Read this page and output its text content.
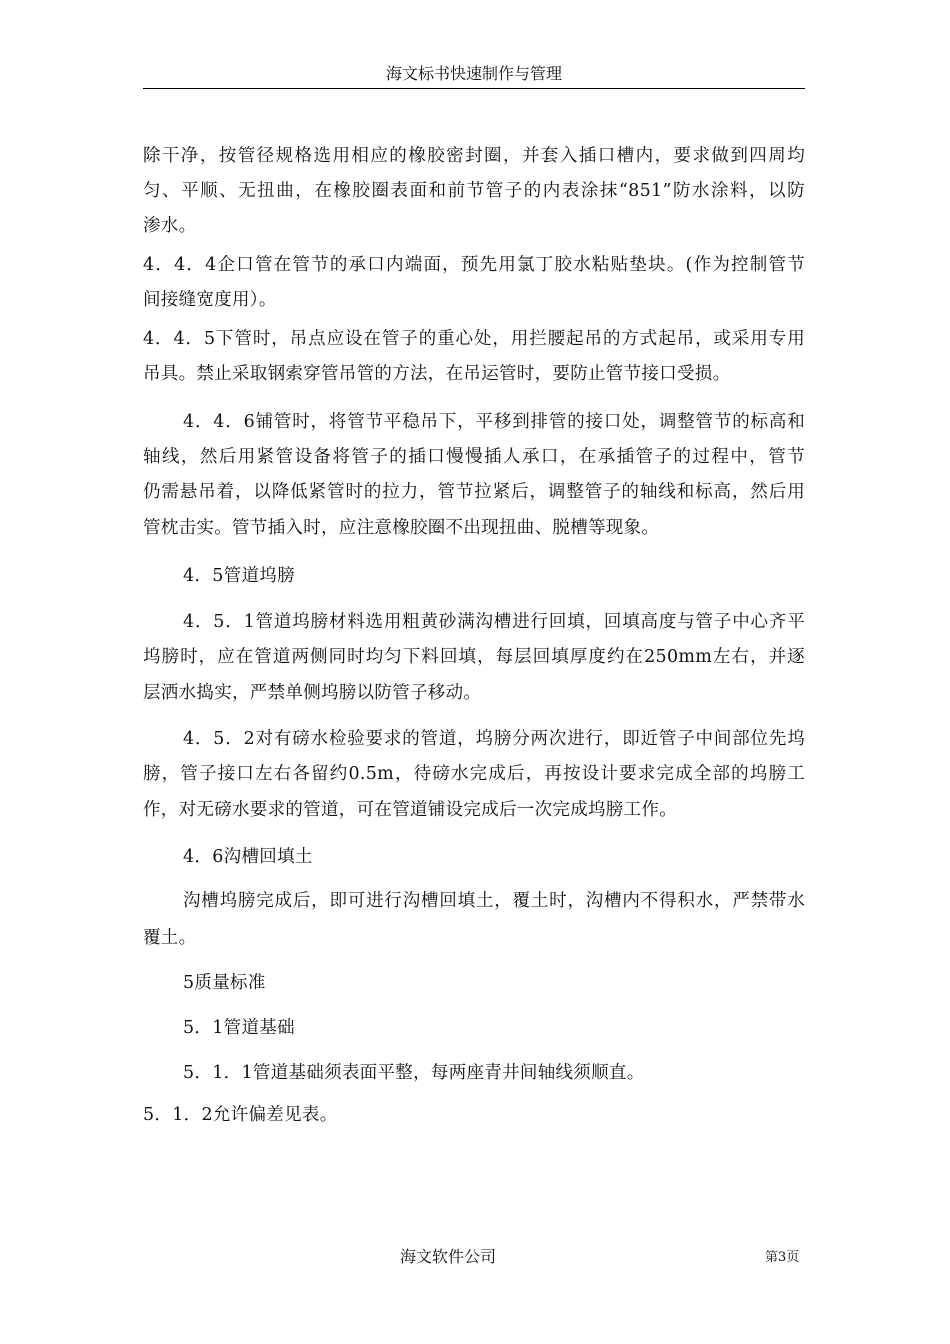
海文标书快速制作与管理
除干净，按管径规格选用相应的橡胶密封圈，并套入插口槽内，要求做到四周均
匀、平顺、无扭曲，在橡胶圈表面和前节管子的内表涂抹“851”防水涂料，以防
渗水。
4．4．4企口管在管节的承口内端面，预先用氯丁胶水粘贴垫块。(作为控制管节
间接缝宽度用）。
4．4．5下管时，吊点应设在管子的重心处，用拦腰起吊的方式起吊，或采用专用
吊具。禁止采取钢索穿管吊管的方法，在吊运管时，要防止管节接口受损。
4．4．6铺管时，将管节平稳吊下，平移到排管的接口处，调整管节的标高和
轴线，然后用紧管设备将管子的插口慢慢插人承口，在承插管子的过程中，管节
仍需悬吊着，以降低紧管时的拉力，管节拉紧后，调整管子的轴线和标高，然后用
管枕击实。管节插入时，应注意橡胶圈不出现扭曲、脱槽等现象。
4．5管道坞膀
4．5．1管道坞膀材料选用粗黄砂满沟槽进行回填，回填高度与管子中心齐平
坞膀时，应在管道两侧同时均匀下料回填，每层回填厚度约在250mm左右，并逐
层洒水捣实，严禁单侧坞膀以防管子移动。
4．5．2对有磅水检验要求的管道，坞膀分两次进行，即近管子中间部位先坞
膀，管子接口左右各留约0.5m，待磅水完成后，再按设计要求完成全部的坞膀工
作，对无磅水要求的管道，可在管道铺设完成后一次完成坞膀工作。
4．6沟槽回填土
沟槽坞膀完成后，即可进行沟槽回填土，覆土时，沟槽内不得积水，严禁带水
覆土。
5质量标准
5．1管道基础
5．1．1管道基础须表面平整，每两座青井间轴线须顺直。
5．1．2允许偏差见表。
海文软件公司	第3页
